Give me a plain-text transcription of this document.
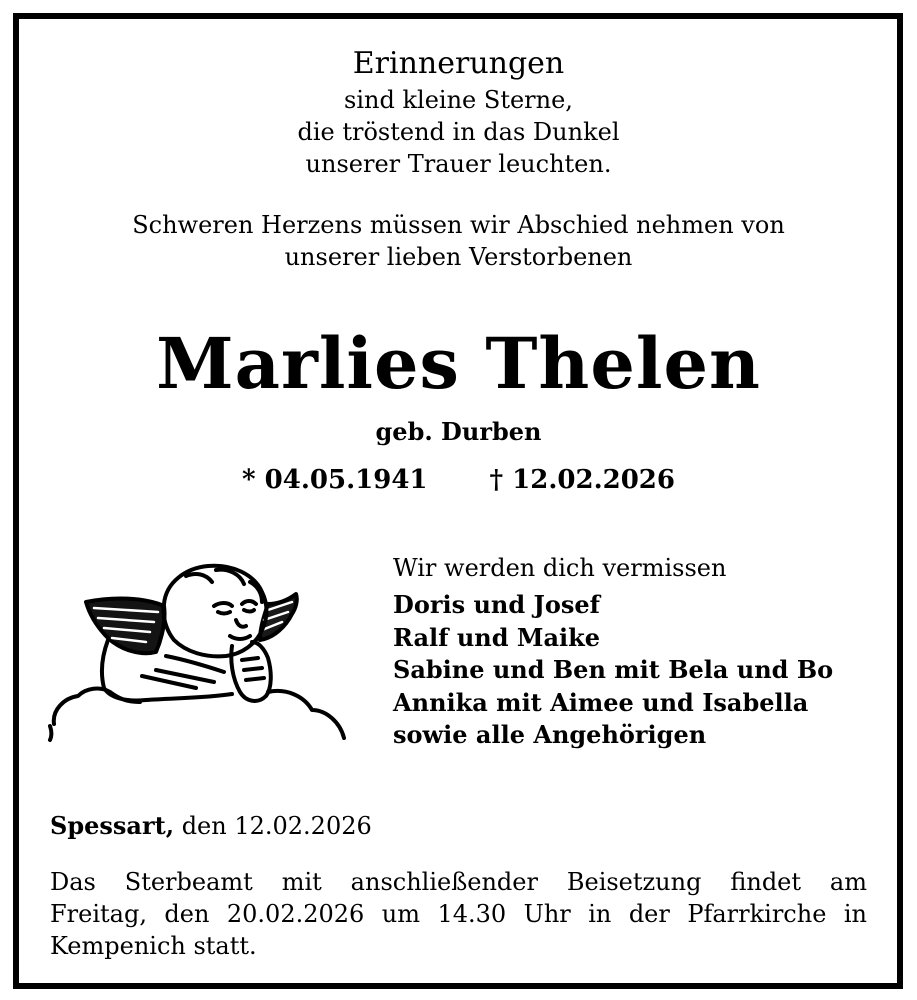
Erinnerungen
sind kleine Sterne,
die tröstend in das Dunkel
unserer Trauer leuchten.
Schweren Herzens müssen wir Abschied nehmen von
unserer lieben Verstorbenen
Marlies Thelen
geb. Durben
* 04.05.1941 † 12.02.2026
Wir werden dich vermissen
Doris und Josef
Ralf und Maike
Sabine und Ben mit Bela und Bo
Annika mit Aimee und Isabella
sowie alle Angehörigen
Spessart, den 12.02.2026
Das Sterbeamt mit anschließender Beisetzung findet am
Freitag, den 20.02.2026 um 14.30 Uhr in der Pfarrkirche in
Kempenich statt.
